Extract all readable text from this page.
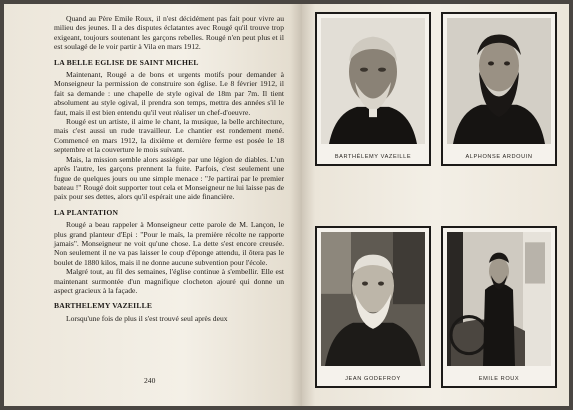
Quand au Père Emile Roux, il n'est décidément pas fait pour vivre au milieu des jeunes. Il a des disputes éclatantes avec Rougé qu'il trouve trop exigeant, toujours soutenant les garçons rebelles. Rougé n'en peut plus et il est soulagé de le voir partir à Vila en mars 1912.

LA BELLE EGLISE DE SAINT MICHEL

Maintenant, Rougé a de bons et urgents motifs pour demander à Monseigneur la permission de construire son église. Le 8 février 1912, il fait sa demande : une chapelle de style ogival de 18m par 7m. Il tient absolument au style ogival, il prendra son temps, mettra des années s'il le faut, mais il est bien entendu qu'il veut réaliser un chef-d'oeuvre.

Rougé est un artiste, il aime le chant, la musique, la belle architecture, mais c'est aussi un rude travailleur. Le chantier est rondement mené. Commencé en mars 1912, la dixième et dernière ferme est posée le 18 septembre et la couverture le mois suivant.

Mais, la mission semble alors assiégée par une légion de diables. L'un après l'autre, les garçons prennent la fuite. Parfois, c'est seulement une fugue de quelques jours ou une simple menace : "Je partirai par le premier bateau !" Rougé doit supporter tout cela et Monseigneur ne lui laisse pas de paix pour ses dettes, alors qu'il espérait une aide financière.

LA PLANTATION

Rougé a beau rappeler à Monseigneur cette parole de M. Lançon, le plus grand planteur d'Epi : "Pour le maïs, la première récolte ne rapporte jamais". Monseigneur ne voit qu'une chose. La dette s'est encore creusée. Non seulement il ne va pas laisser le coup d'éponge attendu, il ôtera pas le boulet de 1880 kilos, mais il ne donne aucune subvention pour l'école.

Malgré tout, au fil des semaines, l'église continue à s'embellir. Elle est maintenant surmontée d'un magnifique clocheton ajouré qui donne un aspect gracieux à la façade.

BARTHELEMY VAZEILLE

Lorsqu'une fois de plus il s'est trouvé seul après deux

240
BARTHÉLEMY VAZEILLE	ALPHONSE ARDOUIN
JEAN GODEFROY	EMILE ROUX
